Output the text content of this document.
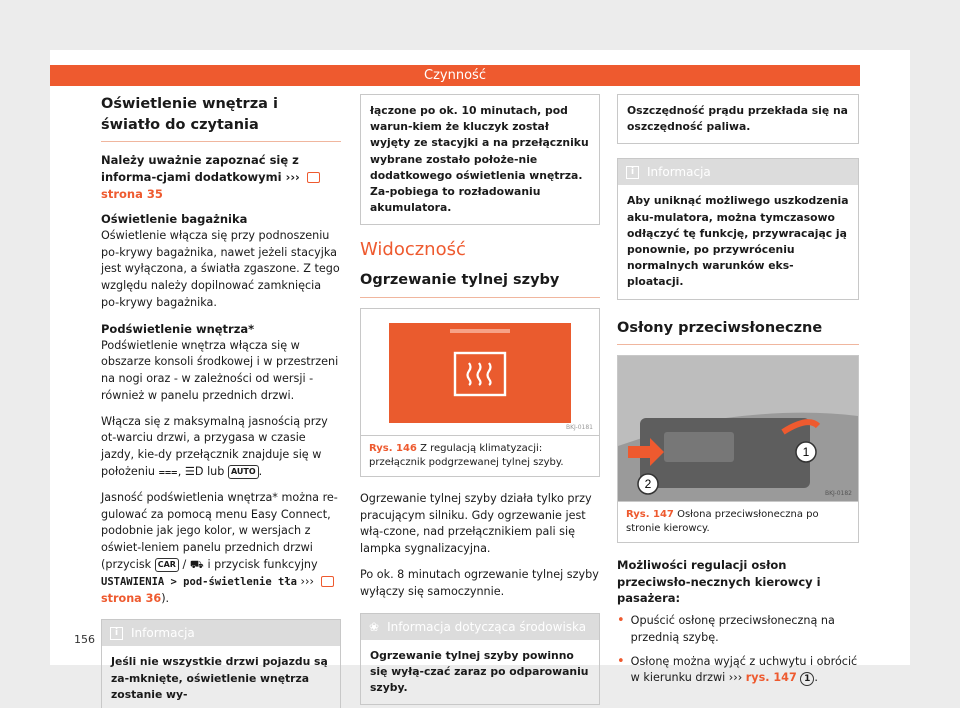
Czynność
Oświetlenie wnętrza i światło do czytania
Należy uważnie zapoznać się z informa-cjami dodatkowymi ›››  strona 35
Oświetlenie bagażnika

Oświetlenie włącza się przy podnoszeniu po-krywy bagażnika, nawet jeżeli stacyjka jest wyłączona, a światła zgaszone. Z tego względu należy dopilnować zamknięcia po-krywy bagażnika.

Podświetlenie wnętrza*

Podświetlenie wnętrza włącza się w obszarze konsoli środkowej i w przestrzeni na nogi oraz - w zależności od wersji - również w panelu przednich drzwi.

Włącza się z maksymalną jasnością przy ot-warciu drzwi, a przygasa w czasie jazdy, kie-dy przełącznik znajduje się w położeniu ⩶, ☰D lub AUTO .

Jasność podświetlenia wnętrza* można re-gulować za pomocą menu Easy Connect, podobnie jak jego kolor, w wersjach z oświet-leniem panelu przednich drzwi (przycisk CAR / ⛟ i przycisk funkcyjny USTAWIENIA > pod-świetlenie tła ›››  strona 36).

i	Informacja
Jeśli nie wszystkie drzwi pojazdu są za-mknięte, oświetlenie wnętrza zostanie wy-
łączone po ok. 10 minutach, pod warun-kiem że kluczyk został wyjęty ze stacyjki a na przełączniku wybrane zostało położe-nie dodatkowego oświetlenia wnętrza. Za-pobiega to rozładowaniu akumulatora.
Widoczność
Ogrzewanie tylnej szyby
BKJ-0181
Rys. 146 Z regulacją klimatyzacji: przełącznik podgrzewanej tylnej szyby.

Ogrzewanie tylnej szyby działa tylko przy pracującym silniku. Gdy ogrzewanie jest włą-czone, nad przełącznikiem pali się lampka sygnalizacyjna.

Po ok. 8 minutach ogrzewanie tylnej szyby wyłączy się samoczynnie.

❀ Informacja dotycząca środowiska
Ogrzewanie tylnej szyby powinno się wyłą-czać zaraz po odparowaniu szyby.
Oszczędność prądu przekłada się na oszczędność paliwa.
i	Informacja
Aby uniknąć możliwego uszkodzenia aku-mulatora, można tymczasowo odłączyć tę funkcję, przywracając ją ponownie, po przywróceniu normalnych warunków eks-ploatacji.
Osłony przeciwsłoneczne
1
2
BKJ-0182
Rys. 147 Osłona przeciwsłoneczna po stronie kierowcy.
Możliwości regulacji osłon przeciwsło-necznych kierowcy i pasażera:
• Opuścić osłonę przeciwsłoneczną na przednią szybę.
• Osłonę można wyjąć z uchwytu i obrócić w kierunku drzwi ››› rys. 147 1 .
156
